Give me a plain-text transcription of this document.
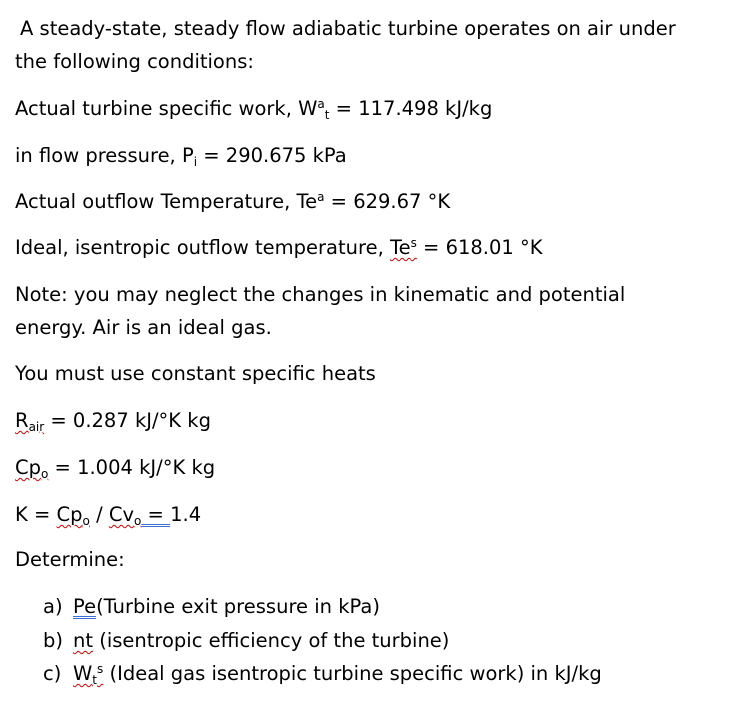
A steady-state, steady flow adiabatic turbine operates on air under
the following conditions:
Actual turbine specific work, $W^a_t = 117.498$ kJ/kg
in flow pressure, $P_i = 290.675$ kPa
Actual outflow Temperature, $Te^a = 629.67$ °K
Ideal, isentropic outflow temperature, $Te^s = 618.01$ °K
Note: you may neglect the changes in kinematic and potential
energy. Air is an ideal gas.
You must use constant specific heats
$R_{air} = 0.287$ kJ/°K kg
$Cp_o = 1.004$ kJ/°K kg
$K = Cp_o / Cv_o = 1.4$
Determine:
a) Pe(Turbine exit pressure in kPa)
b) nt (isentropic efficiency of the turbine)
c) $W_t^s$ (Ideal gas isentropic turbine specific work) in kJ/kg
